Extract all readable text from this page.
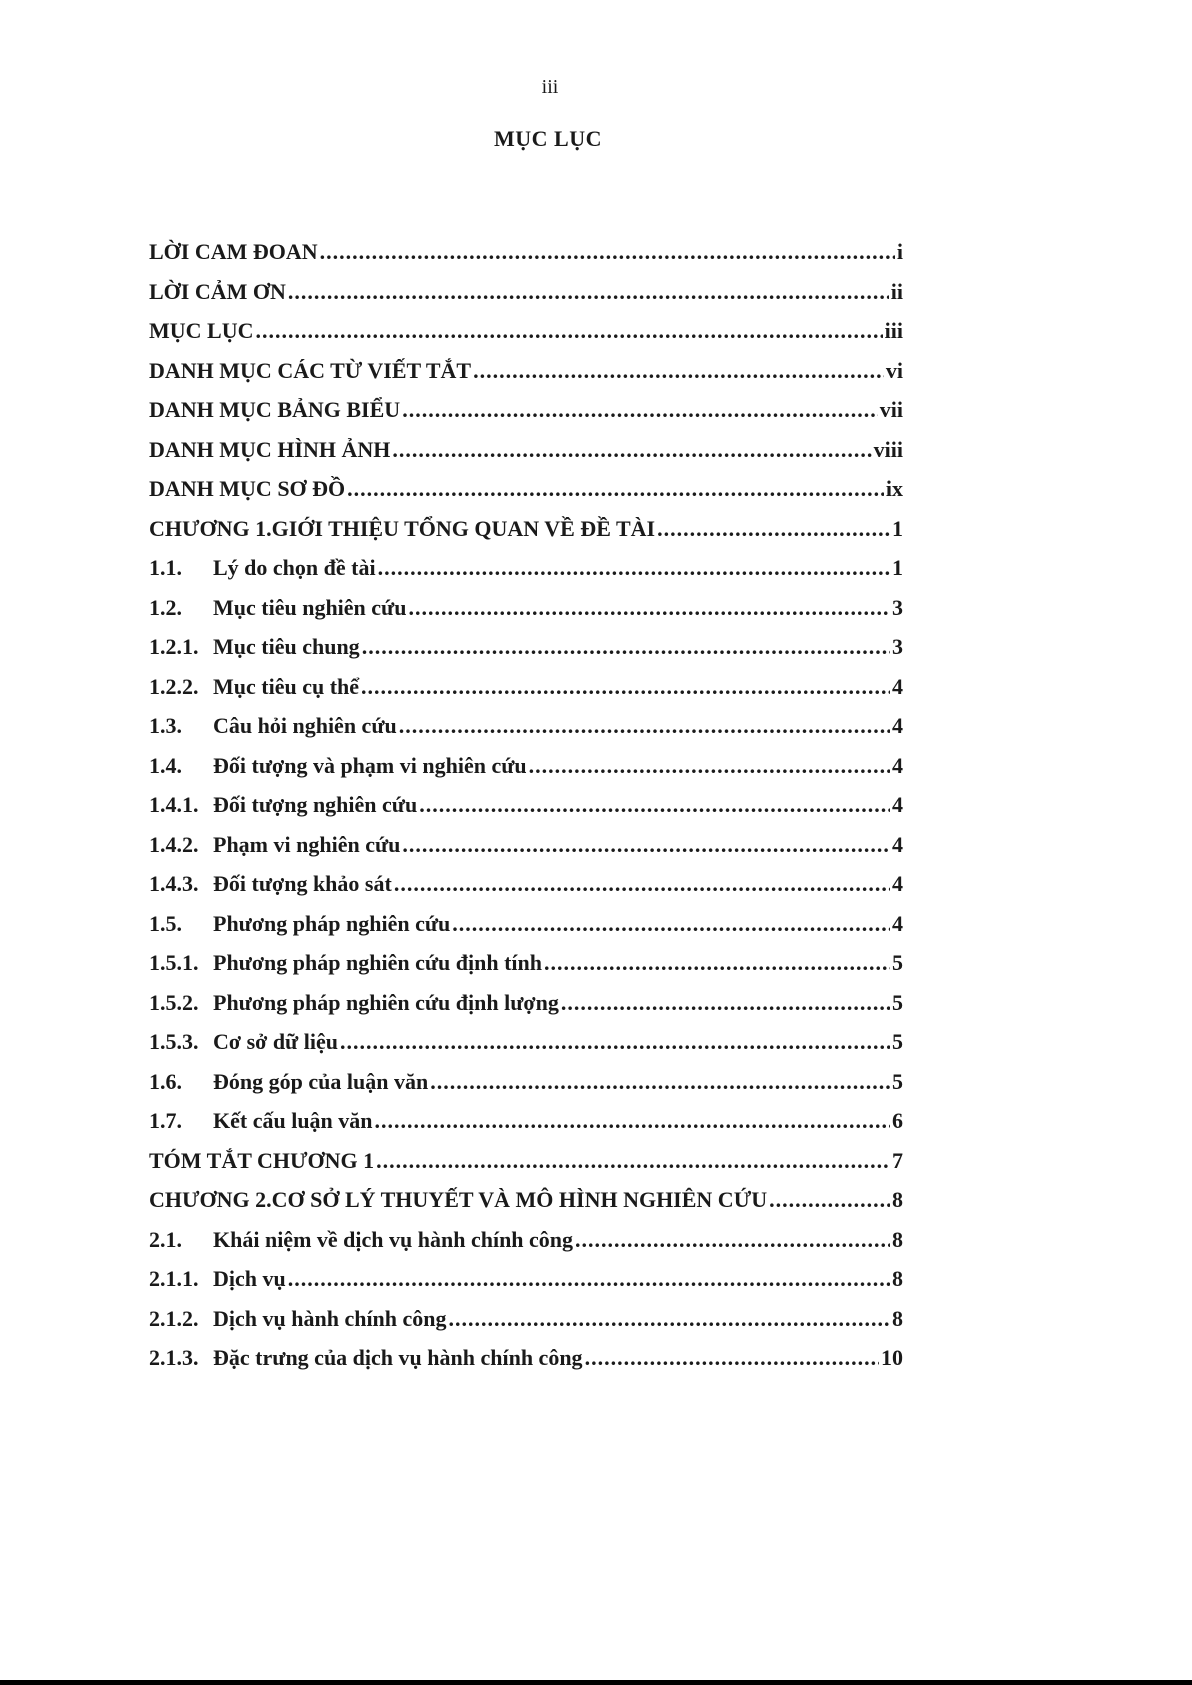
iii
MỤC LỤC
LỜI CAM ĐOAN .....	i
LỜI CẢM ƠN .....	ii
MỤC LỤC .....	iii
DANH MỤC CÁC TỪ VIẾT TẮT .....	vi
DANH MỤC BẢNG BIỂU .....	vii
DANH MỤC HÌNH ẢNH .....	viii
DANH MỤC SƠ ĐỒ .....	ix
CHƯƠNG 1.GIỚI THIỆU TỔNG QUAN VỀ ĐỀ TÀI .....	1
1.1.	Lý do chọn đề tài .....	1
1.2.	Mục tiêu nghiên cứu .....	3
1.2.1. Mục tiêu chung .....	3
1.2.2. Mục tiêu cụ thể .....	4
1.3.	Câu hỏi nghiên cứu .....	4
1.4.	Đối tượng và phạm vi nghiên cứu .....	4
1.4.1. Đối tượng nghiên cứu .....	4
1.4.2. Phạm vi nghiên cứu .....	4
1.4.3. Đối tượng khảo sát .....	4
1.5.	Phương pháp nghiên cứu .....	4
1.5.1. Phương pháp nghiên cứu định tính .....	5
1.5.2. Phương pháp nghiên cứu định lượng .....	5
1.5.3. Cơ sở dữ liệu .....	5
1.6.	Đóng góp của luận văn .....	5
1.7.	Kết cấu luận văn .....	6
TÓM TẮT CHƯƠNG 1 .....	7
CHƯƠNG 2.CƠ SỞ LÝ THUYẾT VÀ MÔ HÌNH NGHIÊN CỨU .....	8
2.1.	Khái niệm về dịch vụ hành chính công .....	8
2.1.1. Dịch vụ .....	8
2.1.2. Dịch vụ hành chính công .....	8
2.1.3. Đặc trưng của dịch vụ hành chính công .....	10
